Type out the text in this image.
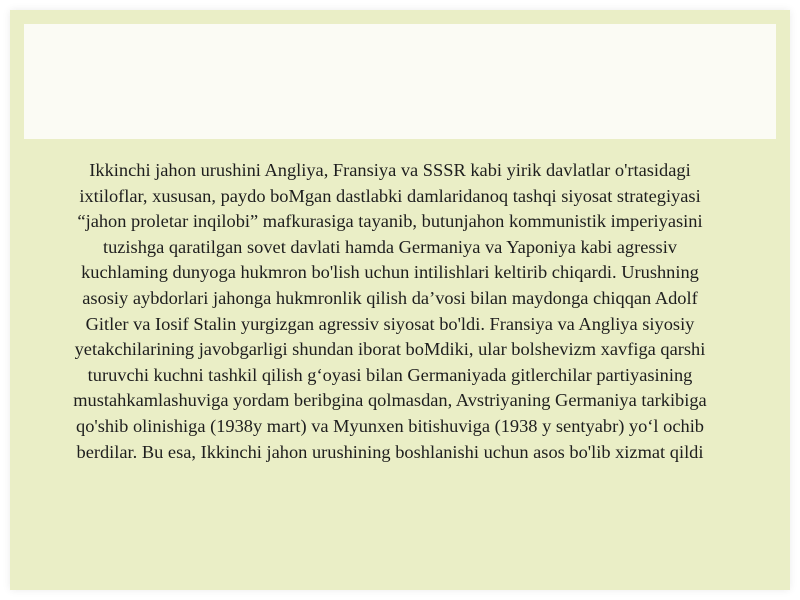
Ikkinchi jahon urushini Angliya, Fransiya va SSSR kabi yirik davlatlar o'rtasidagi ixtiloflar, xususan, paydo boMgan dastlabki damlaridanoq tashqi siyosat strategiyasi “jahon proletar inqilobi” mafkurasiga tayanib, butunjahon kommunistik imperiyasini tuzishga qaratilgan sovet davlati hamda Germaniya va Yaponiya kabi agressiv kuchlaming dunyoga hukmron bo'lish uchun intilishlari keltirib chiqardi. Urushning asosiy aybdorlari jahonga hukmronlik qilish da’vosi bilan maydonga chiqqan Adolf Gitler va Iosif Stalin yurgizgan agressiv siyosat bo'ldi. Fransiya va Angliya siyosiy yetakchilarining javobgarligi shundan iborat boMdiki, ular bolshevizm xavfiga qarshi turuvchi kuchni tashkil qilish g‘oyasi bilan Germaniyada gitlerchilar partiyasining mustahkamlashuviga yordam beribgina qolmasdan, Avstriyaning Germaniya tarkibiga qo'shib olinishiga (1938y mart) va Myunxen bitishuviga (1938 y sentyabr) yo‘l ochib berdilar. Bu esa, Ikkinchi jahon urushining boshlanishi uchun asos bo'lib xizmat qildi
